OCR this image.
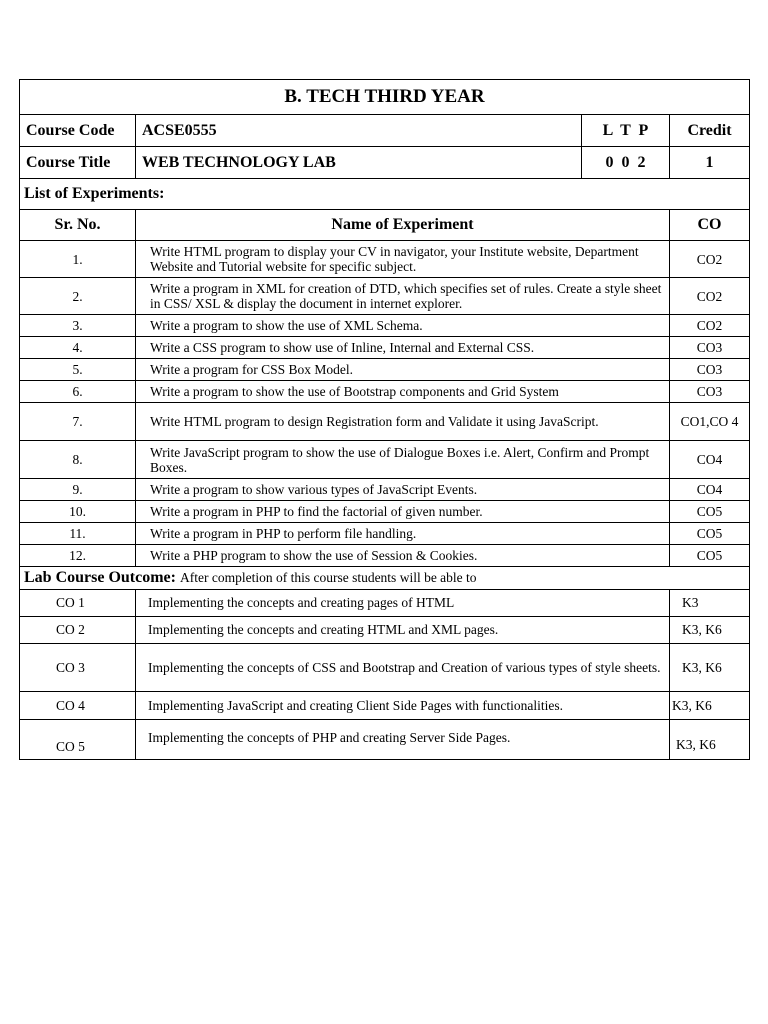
B. TECH THIRD YEAR			
Course Code	ACSE0555	L  T  P	Credit
Course Title	WEB TECHNOLOGY LAB	0  0  2	1
List of Experiments:			
Sr. No.	Name of Experiment		CO
1.	Write HTML program to display your CV in navigator, your Institute website, Department Website and Tutorial website for specific subject.		CO2
2.	Write a program in XML for creation of DTD, which specifies set of rules. Create a style sheet in CSS/ XSL & display the document in internet explorer.		CO2
3.	Write a program to show the use of XML Schema.		CO2
4.	Write a CSS program to show use of Inline, Internal and External CSS.		CO3
5.	Write a program for CSS Box Model.		CO3
6.	Write a program to show the use of Bootstrap components and Grid System		CO3
7.	Write HTML program to design Registration form and Validate it using JavaScript.		CO1,CO 4
8.	Write JavaScript program to show the use of Dialogue Boxes i.e. Alert, Confirm and Prompt Boxes.		CO4
9.	Write a program to show various types of JavaScript Events.		CO4
10.	Write a program in PHP to find the factorial of given number.		CO5
11.	Write a program in PHP to perform file handling.		CO5
12.	Write a PHP program to show the use of Session & Cookies.		CO5
Lab Course Outcome: After completion of this course students will be able to			
CO 1	Implementing the concepts and creating pages of HTML		K3
CO 2	Implementing the concepts and creating HTML and XML pages.		K3, K6
CO 3	Implementing the concepts of CSS and Bootstrap and Creation of various types of style sheets.		K3, K6
CO 4	Implementing JavaScript and creating Client Side Pages with functionalities.		K3, K6
CO 5	Implementing the concepts of PHP and creating Server Side Pages.		K3, K6
